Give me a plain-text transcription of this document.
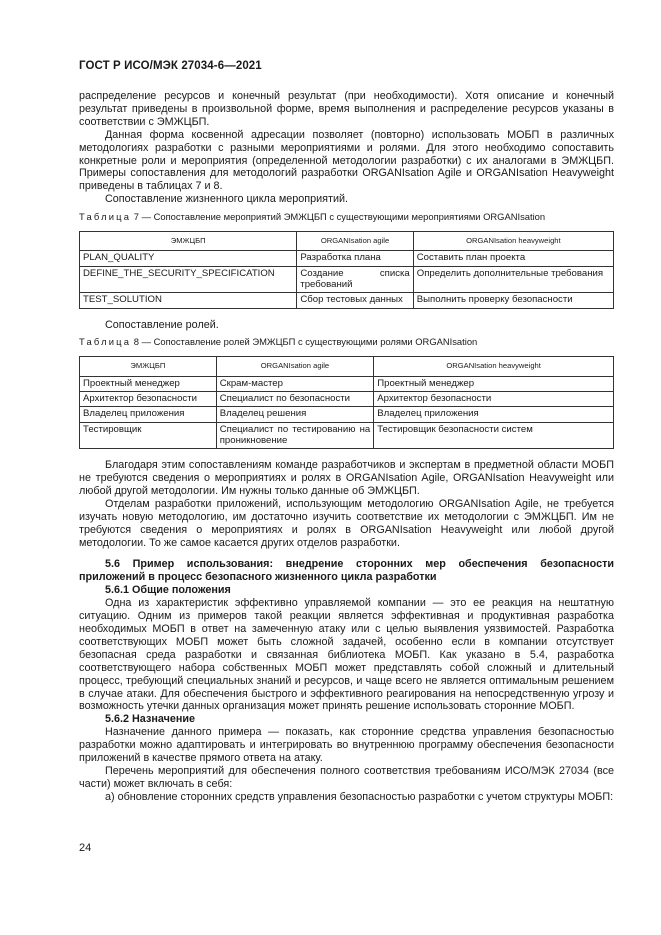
ГОСТ Р ИСО/МЭК 27034-6—2021

распределение ресурсов и конечный результат (при необходимости). Хотя описание и конечный результат приведены в произвольной форме, время выполнения и распределение ресурсов указаны в соответствии с ЭМЖЦБП.

Данная форма косвенной адресации позволяет (повторно) использовать МОБП в различных методологиях разработки с разными мероприятиями и ролями. Для этого необходимо сопоставить конкретные роли и мероприятия (определенной методологии разработки) с их аналогами в ЭМЖЦБП. Примеры сопоставления для методологий разработки ORGANIsation Agile и ORGANIsation Heavyweight приведены в таблицах 7 и 8.

Сопоставление жизненного цикла мероприятий.

Таблица 7 — Сопоставление мероприятий ЭМЖЦБП с существующими мероприятиями ORGANIsation

ЭМЖЦБП	ORGANIsation agile	ORGANIsation heavyweight
PLAN_QUALITY	Разработка плана	Составить план проекта
DEFINE_THE_SECURITY_SPECIFICATION	Создание списка требований	Определить дополнительные требования
TEST_SOLUTION	Сбор тестовых данных	Выполнить проверку безопасности

Сопоставление ролей.

Таблица 8 — Сопоставление ролей ЭМЖЦБП с существующими ролями ORGANIsation

ЭМЖЦБП	ORGANIsation agile	ORGANIsation heavyweight
Проектный менеджер	Скрам-мастер	Проектный менеджер
Архитектор безопасности	Специалист по безопасности	Архитектор безопасности
Владелец приложения	Владелец решения	Владелец приложения
Тестировщик	Специалист по тестированию на проникновение	Тестировщик безопасности систем

Благодаря этим сопоставлениям команде разработчиков и экспертам в предметной области МОБП не требуются сведения о мероприятиях и ролях в ORGANIsation Agile, ORGANIsation Heavyweight или любой другой методологии. Им нужны только данные об ЭМЖЦБП.

Отделам разработки приложений, использующим методологию ORGANIsation Agile, не требуется изучать новую методологию, им достаточно изучить соответствие их методологии с ЭМЖЦБП. Им не требуются сведения о мероприятиях и ролях в ORGANIsation Heavyweight или любой другой методологии. То же самое касается других отделов разработки.

5.6 Пример использования: внедрение сторонних мер обеспечения безопасности приложений в процесс безопасного жизненного цикла разработки

5.6.1 Общие положения

Одна из характеристик эффективно управляемой компании — это ее реакция на нештатную ситуацию. Одним из примеров такой реакции является эффективная и продуктивная разработка необходимых МОБП в ответ на замеченную атаку или с целью выявления уязвимостей. Разработка соответствующих МОБП может быть сложной задачей, особенно если в компании отсутствует безопасная среда разработки и связанная библиотека МОБП. Как указано в 5.4, разработка соответствующего набора собственных МОБП может представлять собой сложный и длительный процесс, требующий специальных знаний и ресурсов, и чаще всего не является оптимальным решением в случае атаки. Для обеспечения быстрого и эффективного реагирования на непосредственную угрозу и возможность утечки данных организация может принять решение использовать сторонние МОБП.

5.6.2 Назначение

Назначение данного примера — показать, как сторонние средства управления безопасностью разработки можно адаптировать и интегрировать во внутреннюю программу обеспечения безопасности приложений в качестве прямого ответа на атаку.

Перечень мероприятий для обеспечения полного соответствия требованиям ИСО/МЭК 27034 (все части) может включать в себя:

а) обновление сторонних средств управления безопасностью разработки с учетом структуры МОБП:

24
